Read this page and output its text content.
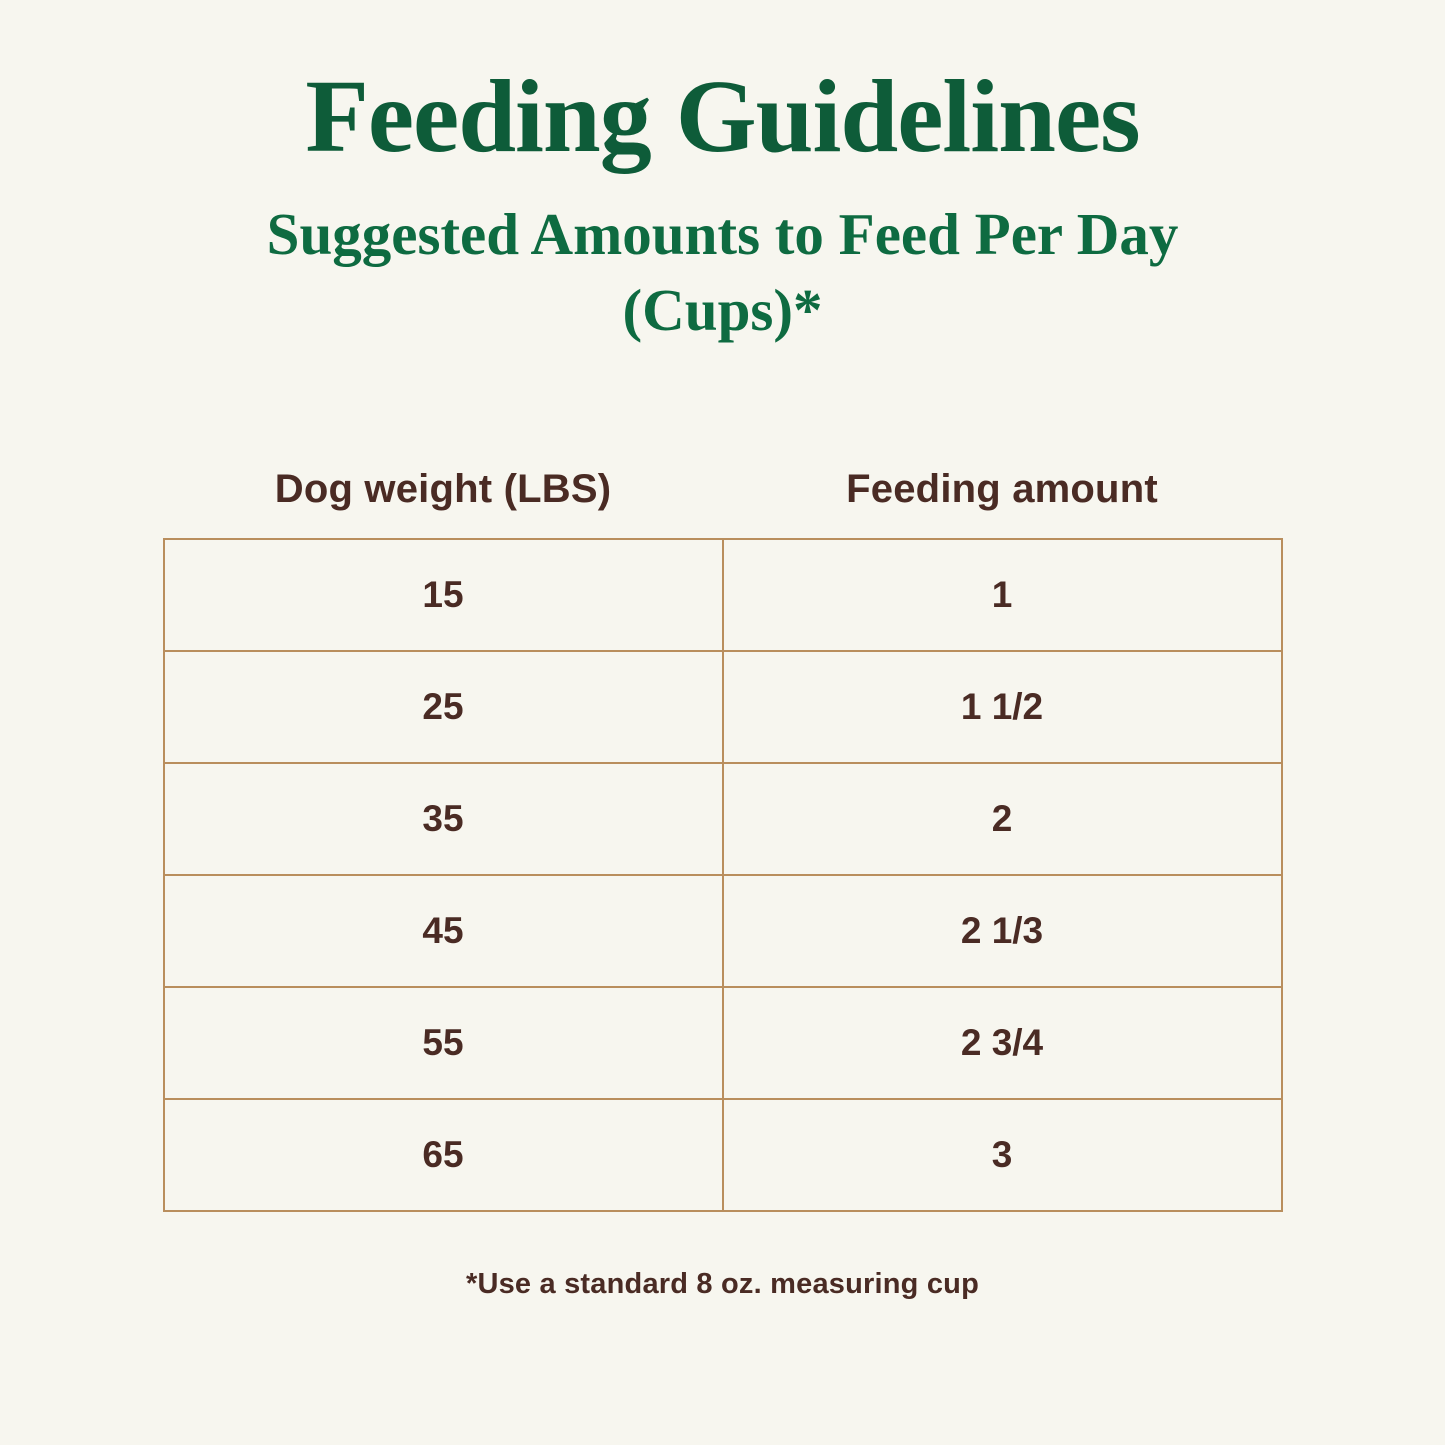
Feeding Guidelines
Suggested Amounts to Feed Per Day (Cups)*
Dog weight (LBS)	Feeding amount
15	1
25	1 1/2
35	2
45	2 1/3
55	2 3/4
65	3
*Use a standard 8 oz. measuring cup
